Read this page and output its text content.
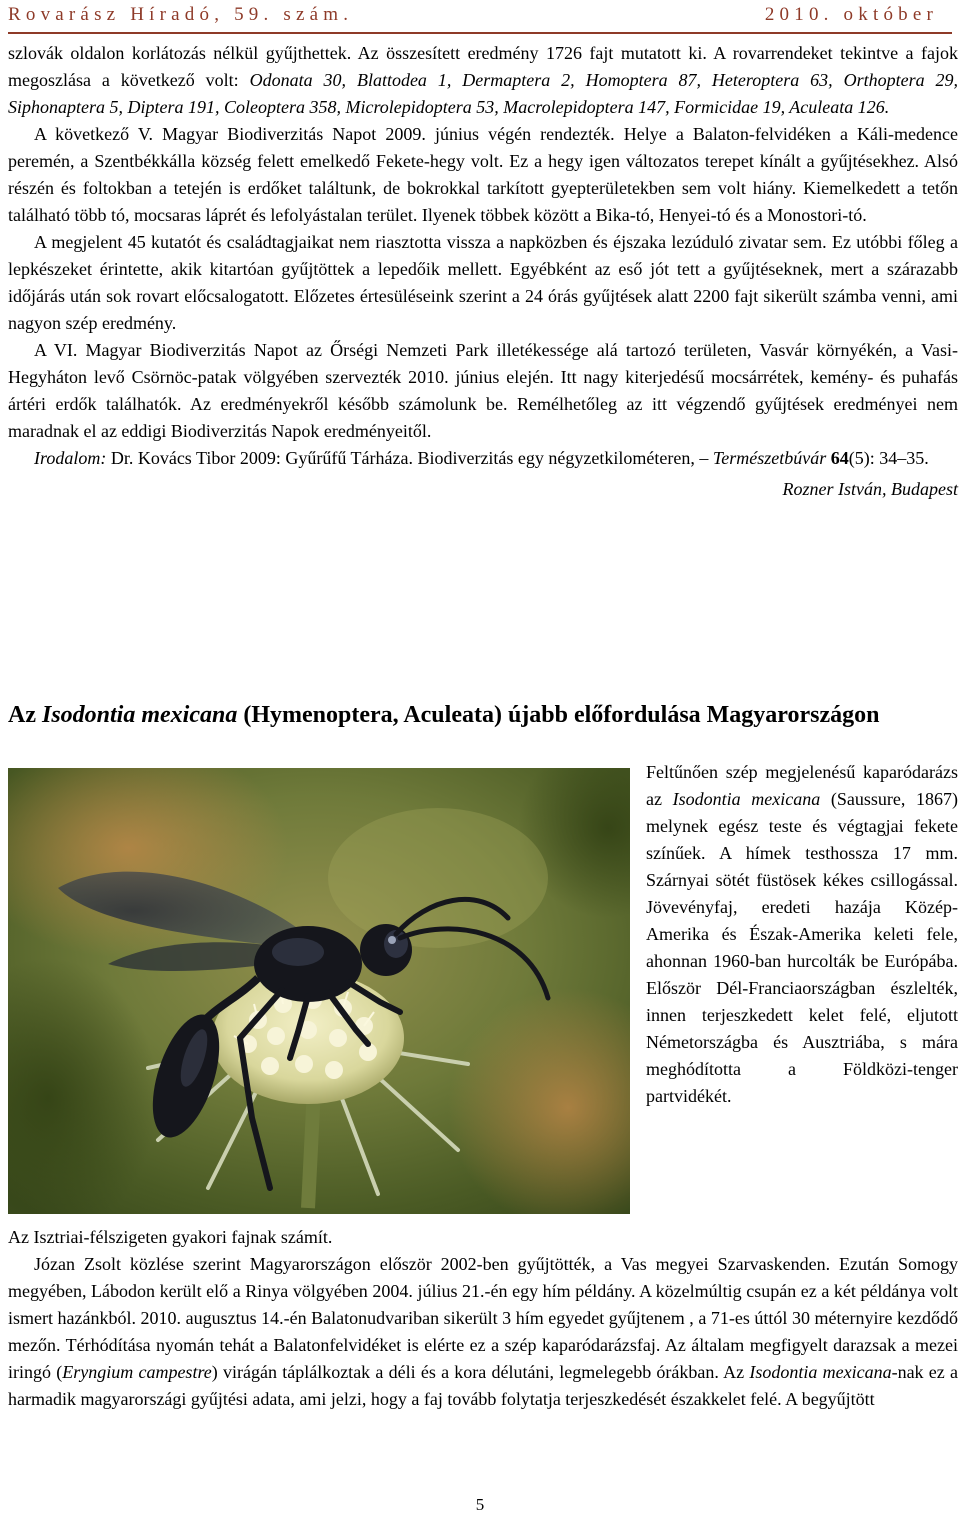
Rovarász Híradó, 59. szám.	2010. október

szlovák oldalon korlátozás nélkül gyűjthettek. Az összesített eredmény 1726 fajt mutatott ki. A rovarrendeket tekintve a fajok megoszlása a következő volt: Odonata 30, Blattodea 1, Dermaptera 2, Homoptera 87, Heteroptera 63, Orthoptera 29, Siphonaptera 5, Diptera 191, Coleoptera 358, Microlepidoptera 53, Macrolepidoptera 147, Formicidae 19, Aculeata 126.

A következő V. Magyar Biodiverzitás Napot 2009. június végén rendezték. Helye a Balaton-felvidéken a Káli-medence peremén, a Szentbékkálla község felett emelkedő Fekete-hegy volt. Ez a hegy igen változatos terepet kínált a gyűjtésekhez. Alsó részén és foltokban a tetején is erdőket találtunk, de bokrokkal tarkított gyepterületekben sem volt hiány. Kiemelkedett a tetőn található több tó, mocsaras láprét és lefolyástalan terület. Ilyenek többek között a Bika-tó, Henyei-tó és a Monostori-tó.

A megjelent 45 kutatót és családtagjaikat nem riasztotta vissza a napközben és éjszaka lezúduló zivatar sem. Ez utóbbi főleg a lepkészeket érintette, akik kitartóan gyűjtöttek a lepedőik mellett. Egyébként az eső jót tett a gyűjtéseknek, mert a szárazabb időjárás után sok rovart előcsalogatott. Előzetes értesüléseink szerint a 24 órás gyűjtések alatt 2200 fajt sikerült számba venni, ami nagyon szép eredmény.

A VI. Magyar Biodiverzitás Napot az Őrségi Nemzeti Park illetékessége alá tartozó területen, Vasvár környékén, a Vasi-Hegyháton levő Csörnöc-patak völgyében szervezték 2010. június elején. Itt nagy kiterjedésű mocsárrétek, kemény- és puhafás ártéri erdők találhatók. Az eredményekről később számolunk be. Remélhetőleg az itt végzendő gyűjtések eredményei nem maradnak el az eddigi Biodiverzitás Napok eredményeitől.

Irodalom: Dr. Kovács Tibor 2009: Gyűrűfű Tárháza. Biodiverzitás egy négyzetkilométeren, – Természetbúvár 64(5): 34–35.

Rozner István, Budapest

Az Isodontia mexicana (Hymenoptera, Aculeata) újabb előfordulása Magyarországon

Feltűnően szép megjelenésű kaparódarázs az Isodontia mexicana (Saussure, 1867) melynek egész teste és végtagjai fekete színűek. A hímek testhossza 17 mm. Szárnyai sötét füstösek kékes csillogással. Jövevényfaj, eredeti hazája Közép-Amerika és Észak-Amerika keleti fele, ahonnan 1960-ban hurcolták be Európába. Először Dél-Franciaországban észlelték, innen terjeszkedett kelet felé, eljutott Németországba és Ausztriába, s mára meghódította a Földközi-tenger partvidékét.

Az Isztriai-félszigeten gyakori fajnak számít.

Józan Zsolt közlése szerint Magyarországon először 2002-ben gyűjtötték, a Vas megyei Szarvaskenden. Ezután Somogy megyében, Lábodon került elő a Rinya völgyében 2004. július 21.-én egy hím példány. A közelmúltig csupán ez a két példánya volt ismert hazánkból. 2010. augusztus 14.-én Balatonudvariban sikerült 3 hím egyedet gyűjtenem , a 71-es úttól 30 méternyire kezdődő mezőn. Térhódítása nyomán tehát a Balatonfelvidéket is elérte ez a szép kaparódarázsfaj. Az általam megfigyelt darazsak a mezei iringó (Eryngium campestre) virágán táplálkoztak a déli és a kora délutáni, legmelegebb órákban. Az Isodontia mexicana-nak ez a harmadik magyarországi gyűjtési adata, ami jelzi, hogy a faj tovább folytatja terjeszkedését északkelet felé. A begyűjtött

5
